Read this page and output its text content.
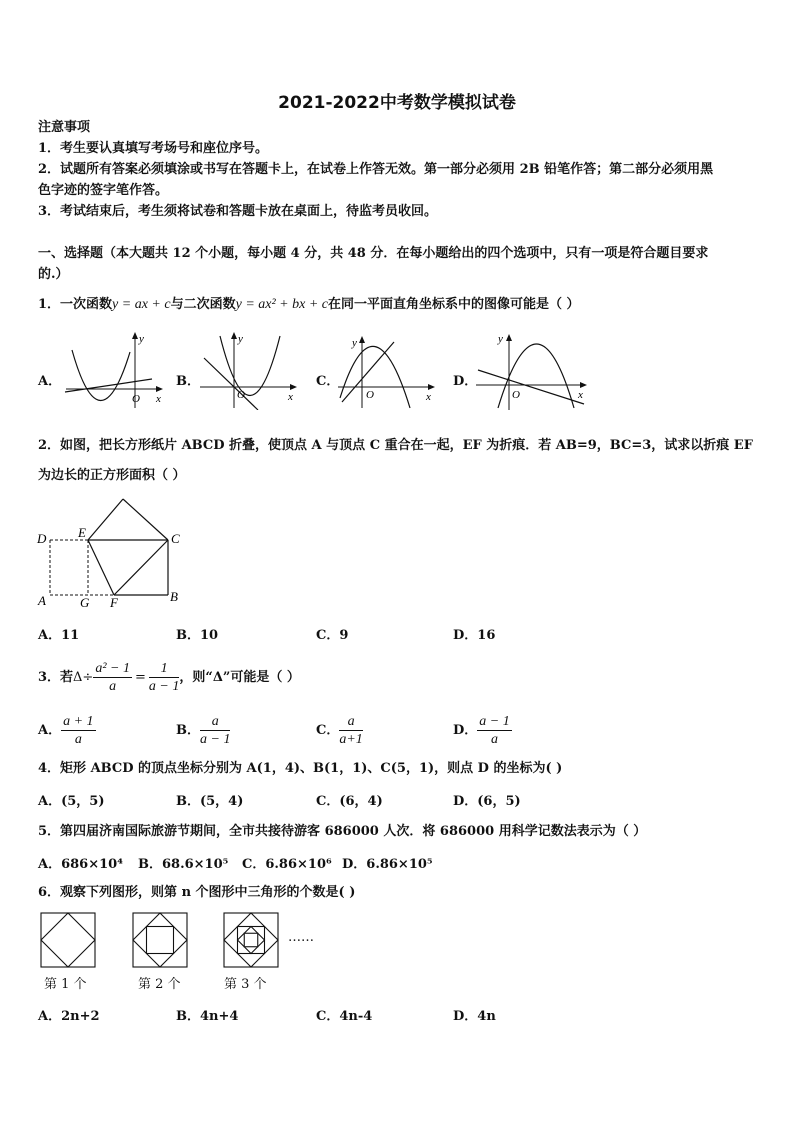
2021-2022中考数学模拟试卷
注意事项
1．考生要认真填写考场号和座位序号。
2．试题所有答案必须填涂或书写在答题卡上，在试卷上作答无效。第一部分必须用 2B 铅笔作答；第二部分必须用黑
色字迹的签字笔作答。
3．考试结束后，考生须将试卷和答题卡放在桌面上，待监考员收回。
一、选择题（本大题共 12 个小题，每小题 4 分，共 48 分．在每小题给出的四个选项中，只有一项是符合题目要求
的.）
1．一次函数y = ax + c与二次函数y = ax² + bx + c在同一平面直角坐标系中的图像可能是（ ）
A．	B．	C．	D．
y
x
O
y
x
O
y
x
O
y
x
O
2．如图，把长方形纸片 ABCD 折叠，使顶点 A 与顶点 C 重合在一起，EF 为折痕．若 AB=9，BC=3，试求以折痕 EF
为边长的正方形面积（ ）
D E	C
A	G F	B
A．11	B．10	C．9	D．16
3．若$\Delta\div \frac{\text{a² − 1}}{a} = \frac{1}{a - 1}$ ，则“Δ”可能是（ ）
A． $\frac{a + 1}{a}$	B． $\frac{a}{a - 1}$	C． $\frac{a}{a+1}$	D． $\frac{a - 1}{a}$
4．矩形 ABCD 的顶点坐标分别为 A(1，4)、B(1，1)、C(5，1)，则点 D 的坐标为( )
A．(5，5)	B．(5，4)	C．(6，4)	D．(6，5)
5．第四届济南国际旅游节期间，全市共接待游客 686000 人次．将 686000 用科学记数法表示为（ ）
A．686×10⁴ B．68.6×10⁵ C．6.86×10⁶ D．6.86×10⁵
6．观察下列图形，则第 n 个图形中三角形的个数是( )
……
第 1 个	第 2 个	第 3 个
A．2n+2	B．4n+4	C．4n-4	D．4n
